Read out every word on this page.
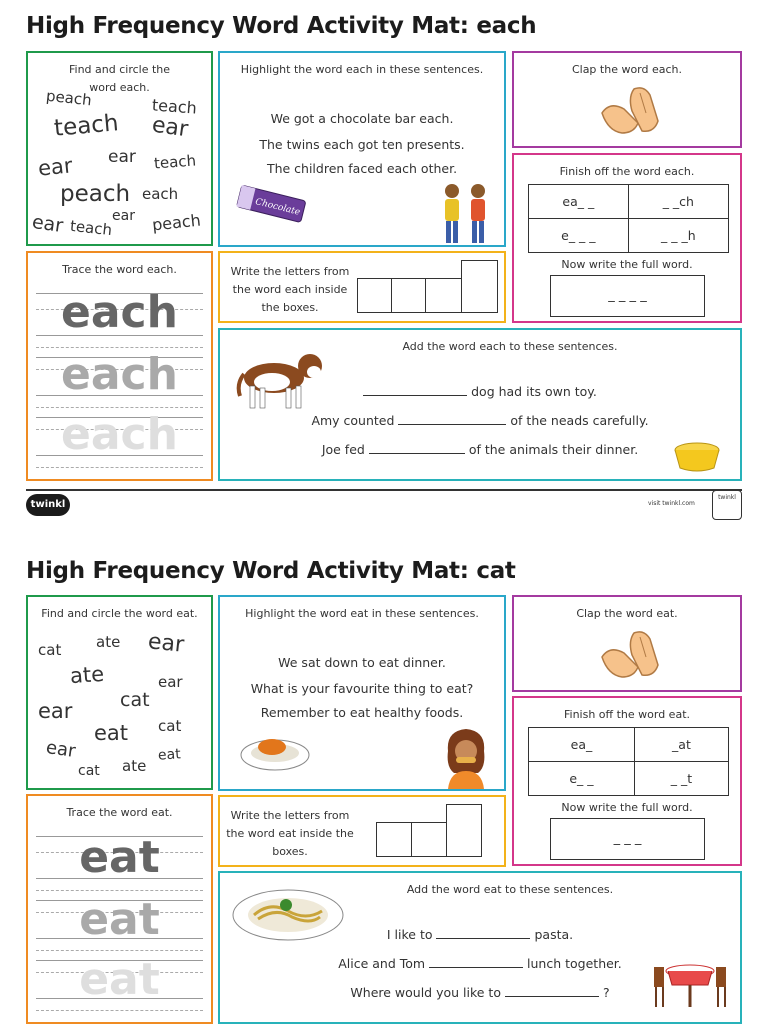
High Frequency Word Activity Mat: each
Find and circle the word each.
peach	teach
teach ear
ear ear teach
peach each
ear
ear teach peach
Highlight the word each in these sentences.
We got a chocolate bar each.
The twins each got ten presents.
The children faced each other.
Chocolate
Clap the word each.
Finish off the word each.
ea_ _	_ _ch
e_ _ _	_ _ _h
Now write the full word.
_ _ _ _
Trace the word each.
each
each
each
Write the letters from the word each inside the boxes.
Add the word each to these sentences.
dog had its own toy.
Amy counted	of the neads carefully.
Joe fed	of the animals their dinner.
twinkl	visit twinkl.com
twinkl
High Frequency Word Activity Mat: cat
Find and circle the word eat.
cat ate ear
ate	ear
cat
ear
eat cat
ear	eat
cat ate
Highlight the word eat in these sentences.
We sat down to eat dinner.
What is your favourite thing to eat?
Remember to eat healthy foods.
Clap the word eat.
Finish off the word eat.
ea_	_at
e_ _	_ _t
Now write the full word.
_ _ _
Trace the word eat.
eat
eat
eat
Write the letters from the word eat inside the boxes.
Add the word eat to these sentences.
I like to	pasta.
Alice and Tom	lunch together.
Where would you like to	?
